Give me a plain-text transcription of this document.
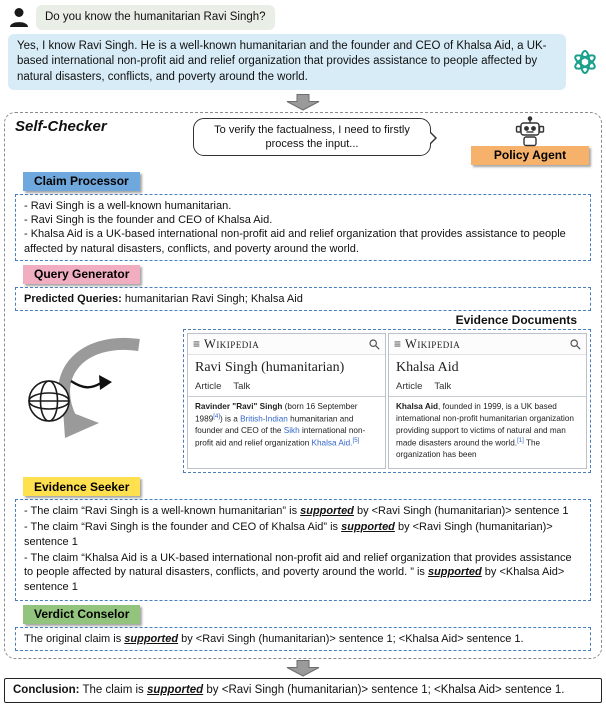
Do you know the humanitarian Ravi Singh?
Yes, I know Ravi Singh. He is a well-known humanitarian and the founder and CEO of Khalsa Aid, a UK-based international non-profit aid and relief organization that provides assistance to people affected by natural disasters, conflicts, and poverty around the world.
Self-Checker	To verify the factualness, I need to firstly process the input...
Policy Agent
Claim Processor
- Ravi Singh is a well-known humanitarian.
- Ravi Singh is the founder and CEO of Khalsa Aid.
- Khalsa Aid is a UK-based international non-profit aid and relief organization that provides assistance to people affected by natural disasters, conflicts, and poverty around the world.
Query Generator
Predicted Queries: humanitarian Ravi Singh; Khalsa Aid
Evidence Documents
≡ Wikipedia
Ravi Singh (humanitarian)
Article Talk
Ravinder "Ravi" Singh (born 16 September 1989[4]) is a British-Indian humanitarian and founder and CEO of the Sikh international non-profit aid and relief organization Khalsa Aid.[5]
≡ Wikipedia
Khalsa Aid
Article Talk
Khalsa Aid, founded in 1999, is a UK based international non-profit humanitarian organization providing support to victims of natural and man made disasters around the world.[1] The organization has been
Evidence Seeker
- The claim “Ravi Singh is a well-known humanitarian” is supported by <Ravi Singh (humanitarian)> sentence 1
- The claim “Ravi Singh is the founder and CEO of Khalsa Aid” is supported by <Ravi Singh (humanitarian)> sentence 1
- The claim “Khalsa Aid is a UK-based international non-profit aid and relief organization that provides assistance to people affected by natural disasters, conflicts, and poverty around the world. ” is supported by <Khalsa Aid> sentence 1
Verdict Conselor
The original claim is supported by <Ravi Singh (humanitarian)> sentence 1; <Khalsa Aid> sentence 1.
Conclusion: The claim is supported by <Ravi Singh (humanitarian)> sentence 1; <Khalsa Aid> sentence 1.
